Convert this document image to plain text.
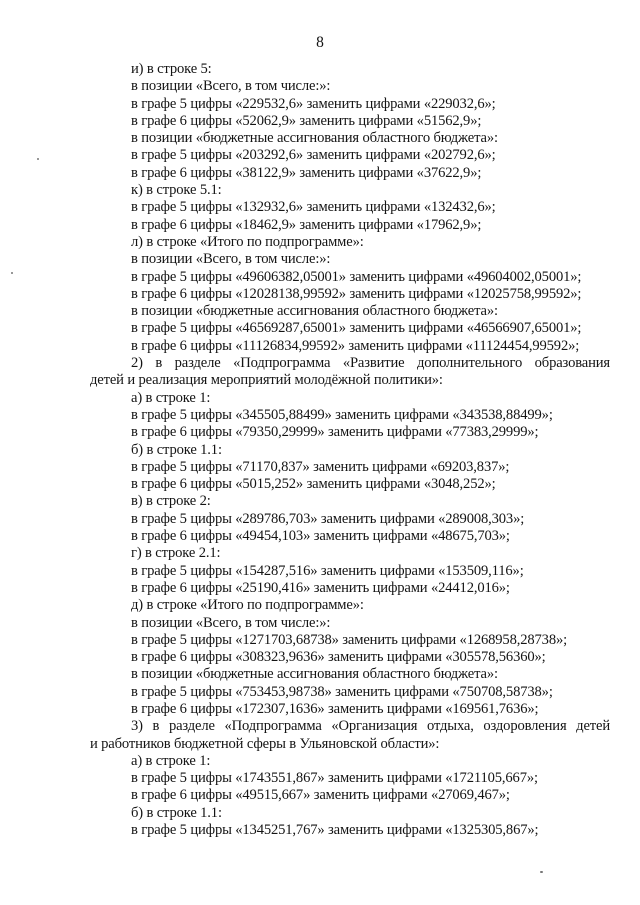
8
и) в строке 5:
в позиции «Всего, в том числе:»:
в графе 5 цифры «229532,6» заменить цифрами «229032,6»;
в графе 6 цифры «52062,9» заменить цифрами «51562,9»;
в позиции «бюджетные ассигнования областного бюджета»:
в графе 5 цифры «203292,6» заменить цифрами «202792,6»;
в графе 6 цифры «38122,9» заменить цифрами «37622,9»;
к) в строке 5.1:
в графе 5 цифры «132932,6» заменить цифрами «132432,6»;
в графе 6 цифры «18462,9» заменить цифрами «17962,9»;
л) в строке «Итого по подпрограмме»:
в позиции «Всего, в том числе:»:
в графе 5 цифры «49606382,05001» заменить цифрами «49604002,05001»;
в графе 6 цифры «12028138,99592» заменить цифрами «12025758,99592»;
в позиции «бюджетные ассигнования областного бюджета»:
в графе 5 цифры «46569287,65001» заменить цифрами «46566907,65001»;
в графе 6 цифры «11126834,99592» заменить цифрами «11124454,99592»;
2) в разделе «Подпрограмма «Развитие дополнительного образования
детей и реализация мероприятий молодёжной политики»:
а) в строке 1:
в графе 5 цифры «345505,88499» заменить цифрами «343538,88499»;
в графе 6 цифры «79350,29999» заменить цифрами «77383,29999»;
б) в строке 1.1:
в графе 5 цифры «71170,837» заменить цифрами «69203,837»;
в графе 6 цифры «5015,252» заменить цифрами «3048,252»;
в) в строке 2:
в графе 5 цифры «289786,703» заменить цифрами «289008,303»;
в графе 6 цифры «49454,103» заменить цифрами «48675,703»;
г) в строке 2.1:
в графе 5 цифры «154287,516» заменить цифрами «153509,116»;
в графе 6 цифры «25190,416» заменить цифрами «24412,016»;
д) в строке «Итого по подпрограмме»:
в позиции «Всего, в том числе:»:
в графе 5 цифры «1271703,68738» заменить цифрами «1268958,28738»;
в графе 6 цифры «308323,9636» заменить цифрами «305578,56360»;
в позиции «бюджетные ассигнования областного бюджета»:
в графе 5 цифры «753453,98738» заменить цифрами «750708,58738»;
в графе 6 цифры «172307,1636» заменить цифрами «169561,7636»;
3) в разделе «Подпрограмма «Организация отдыха, оздоровления детей
и работников бюджетной сферы в Ульяновской области»:
а) в строке 1:
в графе 5 цифры «1743551,867» заменить цифрами «1721105,667»;
в графе 6 цифры «49515,667» заменить цифрами «27069,467»;
б) в строке 1.1:
в графе 5 цифры «1345251,767» заменить цифрами «1325305,867»;
